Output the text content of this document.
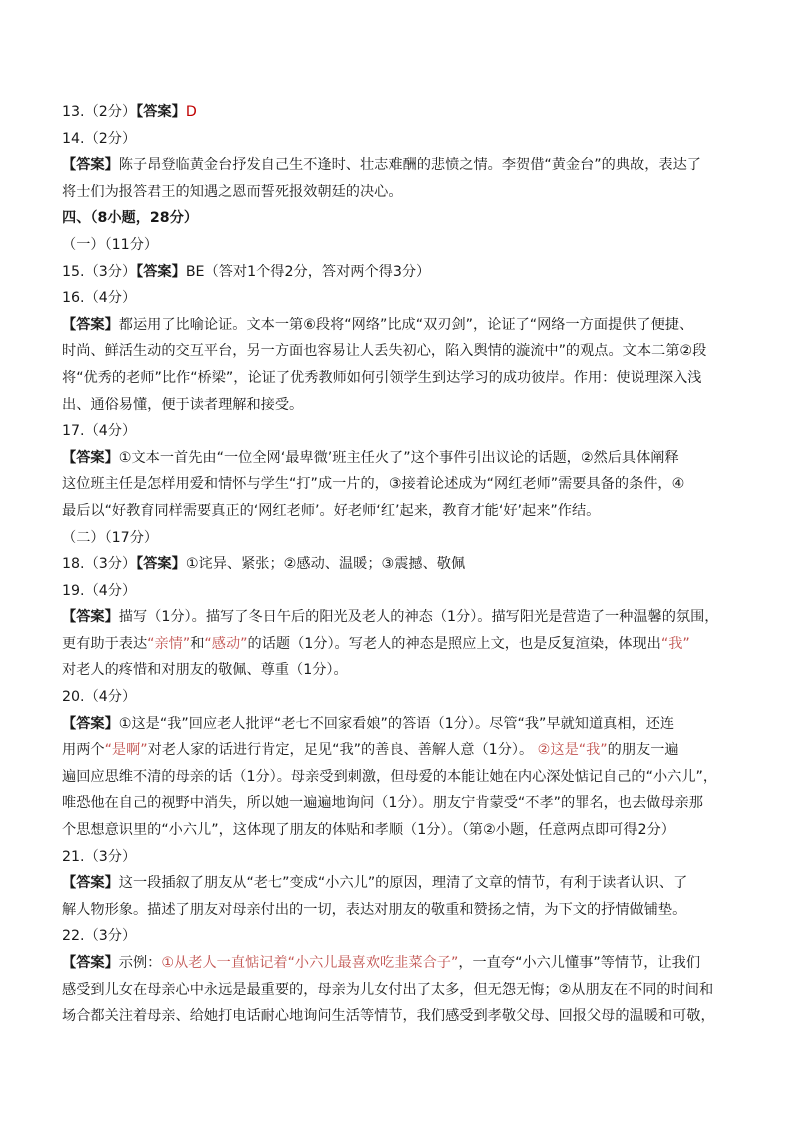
13.（2分）【答案】D
14.（2分）
【答案】陈子昂登临黄金台抒发自己生不逢时、壮志难酬的悲愤之情。李贺借“黄金台”的典故，表达了
将士们为报答君王的知遇之恩而誓死报效朝廷的决心。
四、（8小题，28分）
（一）（11分）
15.（3分）【答案】BE（答对1个得2分，答对两个得3分）
16.（4分）
【答案】都运用了比喻论证。文本一第⑥段将“网络”比成“双刃剑”，论证了“网络一方面提供了便捷、
时尚、鲜活生动的交互平台，另一方面也容易让人丢失初心，陷入舆情的漩流中”的观点。文本二第②段
将“优秀的老师”比作“桥梁”，论证了优秀教师如何引领学生到达学习的成功彼岸。作用：使说理深入浅
出、通俗易懂，便于读者理解和接受。
17.（4分）
【答案】①文本一首先由“一位全网‘最卑微’班主任火了”这个事件引出议论的话题，②然后具体阐释
这位班主任是怎样用爱和情怀与学生“打”成一片的，③接着论述成为“网红老师”需要具备的条件，④
最后以“好教育同样需要真正的‘网红老师’。好老师‘红’起来，教育才能‘好’起来”作结。
（二）（17分）
18.（3分）【答案】①诧异、紧张；②感动、温暖；③震撼、敬佩
19.（4分）
【答案】描写（1分）。描写了冬日午后的阳光及老人的神态（1分）。描写阳光是营造了一种温馨的氛围，
更有助于表达“亲情”和“感动”的话题（1分）。写老人的神态是照应上文，也是反复渲染，体现出“我”
对老人的疼惜和对朋友的敬佩、尊重（1分）。
20.（4分）
【答案】①这是“我”回应老人批评“老七不回家看娘”的答语（1分）。尽管“我”早就知道真相，还连
用两个“是啊”对老人家的话进行肯定，足见“我”的善良、善解人意（1分）。 ②这是“我”的朋友一遍
遍回应思维不清的母亲的话（1分）。母亲受到刺激，但母爱的本能让她在内心深处惦记自己的“小六儿”，
唯恐他在自己的视野中消失，所以她一遍遍地询问（1分）。朋友宁肯蒙受“不孝”的罪名，也去做母亲那
个思想意识里的“小六儿”，这体现了朋友的体贴和孝顺（1分）。（第②小题，任意两点即可得2分）
21.（3分）
【答案】这一段插叙了朋友从“老七”变成“小六儿”的原因，理清了文章的情节，有利于读者认识、了
解人物形象。描述了朋友对母亲付出的一切，表达对朋友的敬重和赞扬之情，为下文的抒情做铺垫。
22.（3分）
【答案】示例：①从老人一直惦记着“小六儿最喜欢吃韭菜合子”，一直夸“小六儿懂事”等情节，让我们
感受到儿女在母亲心中永远是最重要的，母亲为儿女付出了太多，但无怨无悔；②从朋友在不同的时间和
场合都关注着母亲、给她打电话耐心地询问生活等情节，我们感受到孝敬父母、回报父母的温暖和可敬，
